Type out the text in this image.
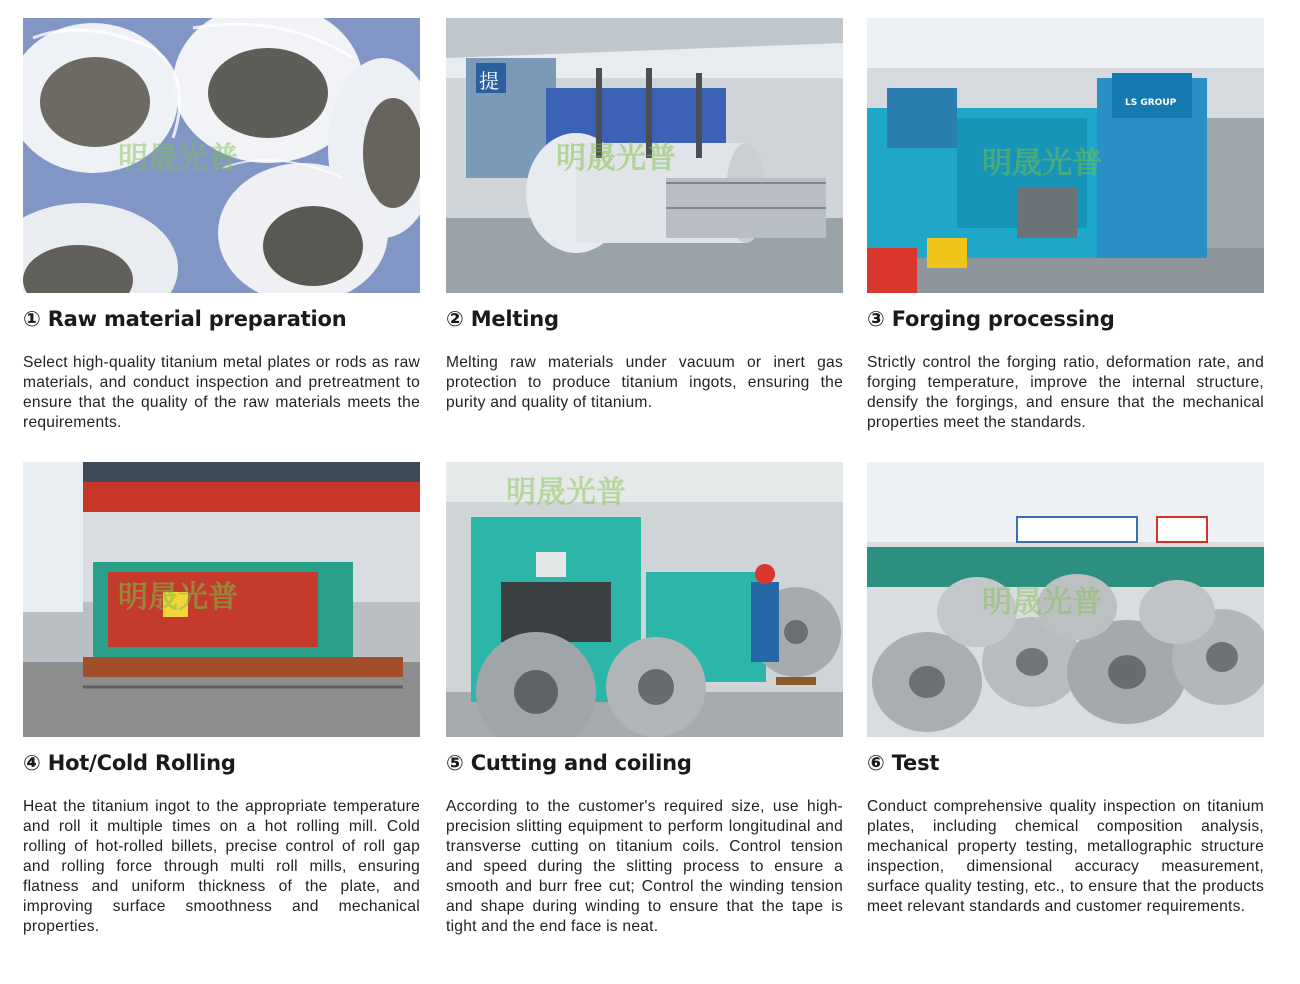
明晟光普
① Raw material preparation
Select high-quality titanium metal plates or rods as raw materials, and conduct inspection and pretreatment to ensure that the quality of the raw materials meets the requirements.
提
明晟光普
② Melting
Melting raw materials under vacuum or inert gas protection to produce titanium ingots, ensuring the purity and quality of titanium.
LS GROUP
明晟光普
③ Forging processing
Strictly control the forging ratio, deformation rate, and forging temperature, improve the internal structure, densify the forgings, and ensure that the mechanical properties meet the standards.
明晟光普
④ Hot/Cold Rolling
Heat the titanium ingot to the appropriate temperature and roll it multiple times on a hot rolling mill. Cold rolling of hot-rolled billets, precise control of roll gap and rolling force through multi roll mills, ensuring flatness and uniform thickness of the plate, and improving surface smoothness and mechanical properties.
明晟光普
⑤ Cutting and coiling
According to the customer's required size, use high-precision slitting equipment to perform longitudinal and transverse cutting on titanium coils. Control tension and speed during the slitting process to ensure a smooth and burr free cut; Control the winding tension and shape during winding to ensure that the tape is tight and the end face is neat.
明晟光普
⑥ Test
Conduct comprehensive quality inspection on titanium plates, including chemical composition analysis, mechanical property testing, metallographic structure inspection, dimensional accuracy measurement, surface quality testing, etc., to ensure that the products meet relevant standards and customer requirements.
